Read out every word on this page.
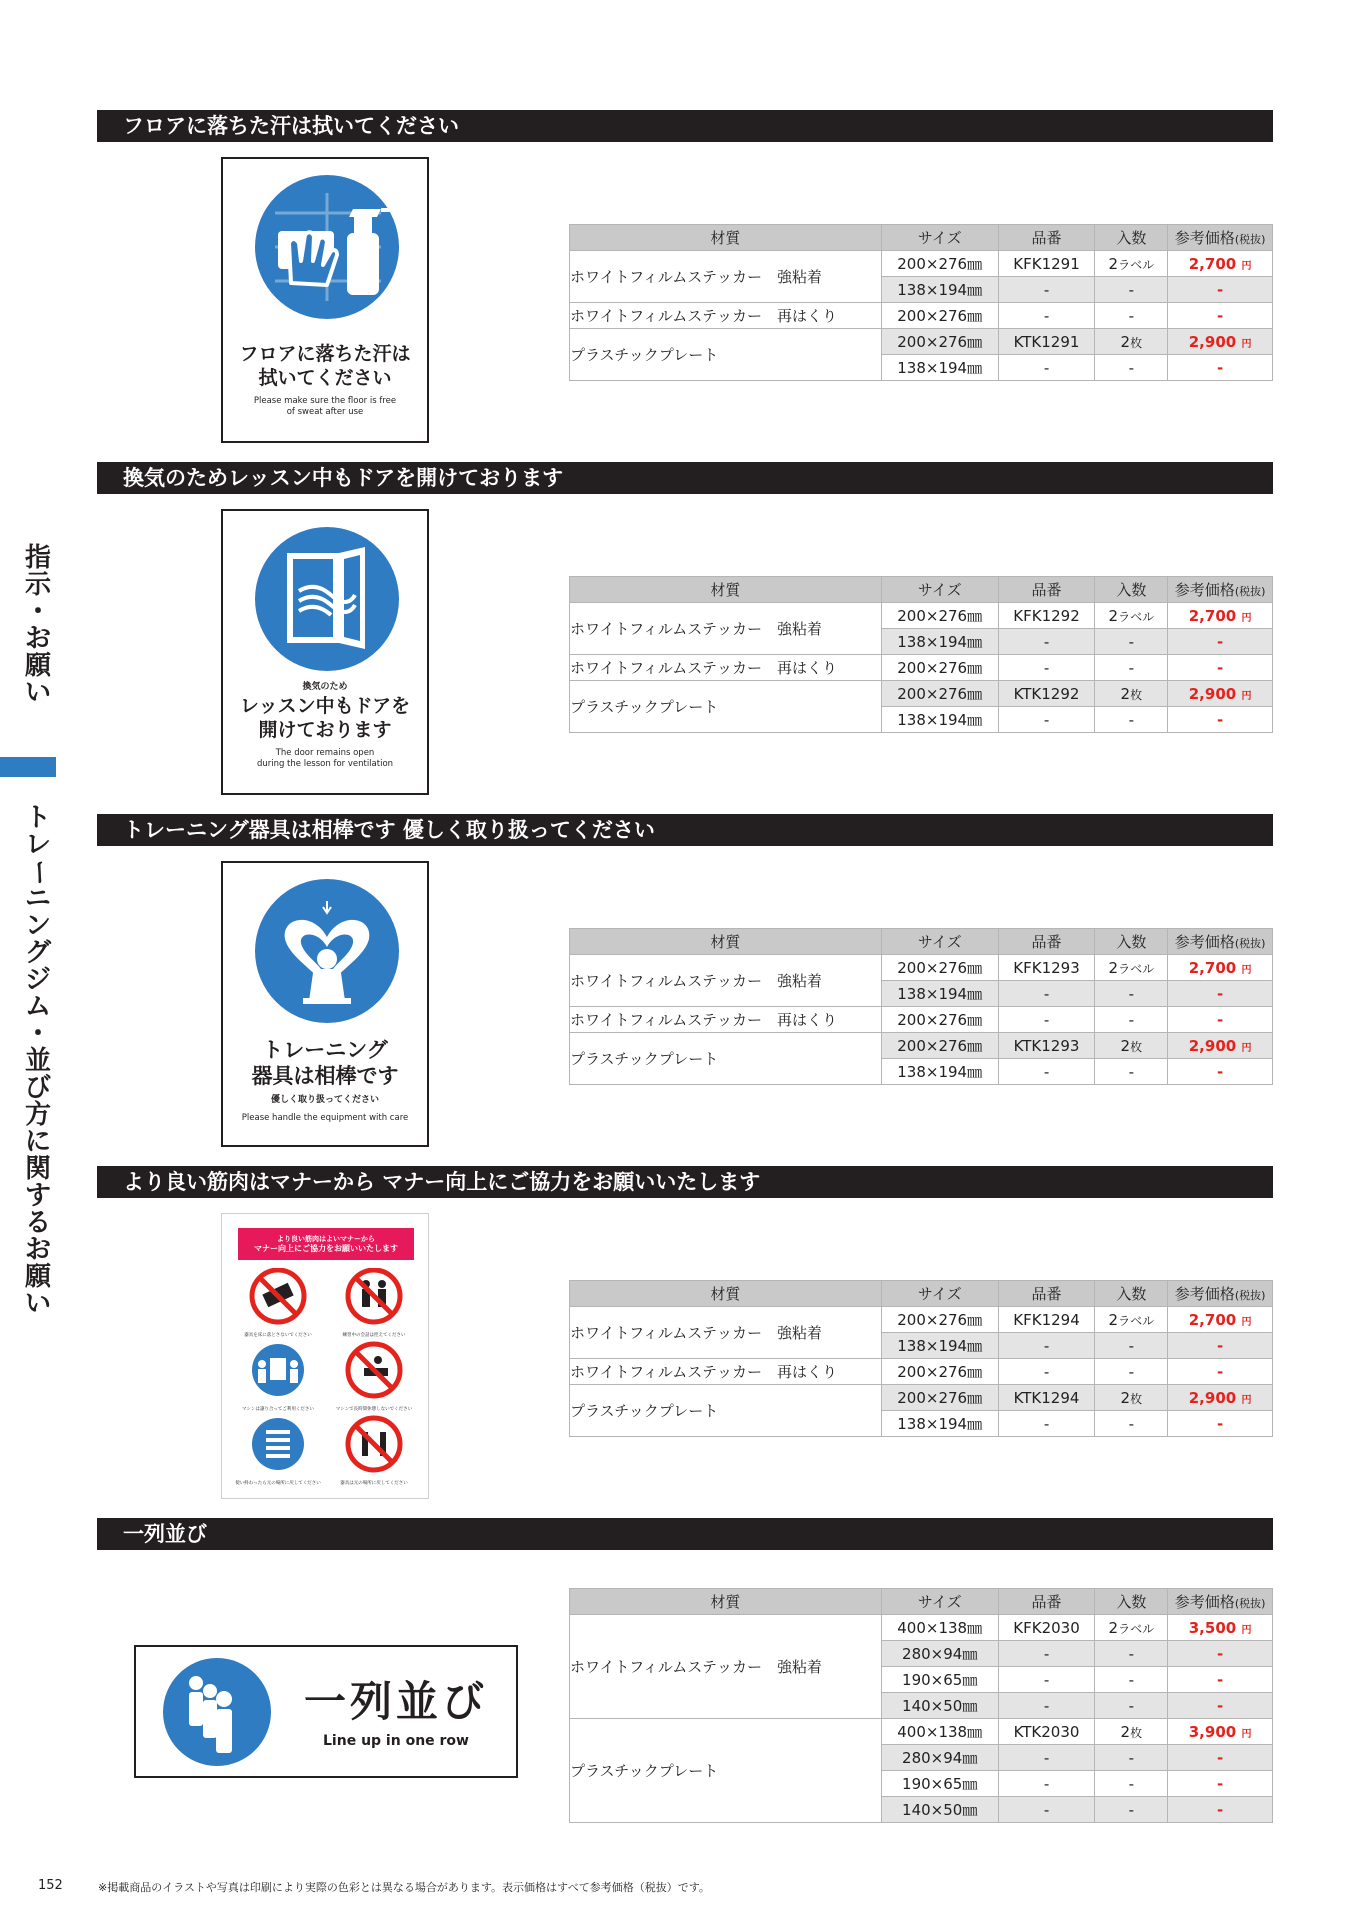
指
示
・
お
願
い
ト
レ
ー
ニ
ン
グ
ジ
ム
・
並
び
方
に
関
す
る
お
願
い
フロアに落ちた汗は拭いてください
フロアに落ちた汗は
拭いてください
Please make sure the floor is free
of sweat after use
材質	サイズ	品番	入数	参考価格(税抜)
ホワイトフィルムステッカー　強粘着	200×276㎜	KFK1291	2ラベル	2,700 円
	138×194㎜	-	-	-
ホワイトフィルムステッカー　再はくり	200×276㎜	-	-	-
プラスチックプレート	200×276㎜	KTK1291	2枚	2,900 円
	138×194㎜	-	-	-
換気のためレッスン中もドアを開けております
換気のため
レッスン中もドアを
開けております
The door remains open
during the lesson for ventilation
材質	サイズ	品番	入数	参考価格(税抜)
ホワイトフィルムステッカー　強粘着	200×276㎜	KFK1292	2ラベル	2,700 円
	138×194㎜	-	-	-
ホワイトフィルムステッカー　再はくり	200×276㎜	-	-	-
プラスチックプレート	200×276㎜	KTK1292	2枚	2,900 円
	138×194㎜	-	-	-
トレーニング器具は相棒です 優しく取り扱ってください
トレーニング
器具は相棒です
優しく取り扱ってください
Please handle the equipment with care
材質	サイズ	品番	入数	参考価格(税抜)
ホワイトフィルムステッカー　強粘着	200×276㎜	KFK1293	2ラベル	2,700 円
	138×194㎜	-	-	-
ホワイトフィルムステッカー　再はくり	200×276㎜	-	-	-
プラスチックプレート	200×276㎜	KTK1293	2枚	2,900 円
	138×194㎜	-	-	-
より良い筋肉はマナーから マナー向上にご協力をお願いいたします
より良い筋肉はよいマナーから
マナー向上にご協力をお願いいたします
器具を床に落とさないでください	練習中の会話は控えてください
マシンは譲り合ってご利用ください	マシンで長時間休憩しないでください
使い終わったら元の場所に戻してください	器具は元の場所に戻してください
材質	サイズ	品番	入数	参考価格(税抜)
ホワイトフィルムステッカー　強粘着	200×276㎜	KFK1294	2ラベル	2,700 円
	138×194㎜	-	-	-
ホワイトフィルムステッカー　再はくり	200×276㎜	-	-	-
プラスチックプレート	200×276㎜	KTK1294	2枚	2,900 円
	138×194㎜	-	-	-
一列並び
一列並び
Line up in one row
材質	サイズ	品番	入数	参考価格(税抜)
ホワイトフィルムステッカー　強粘着	400×138㎜	KFK2030	2ラベル	3,500 円
	280×94㎜	-	-	-
	190×65㎜	-	-	-
	140×50㎜	-	-	-
プラスチックプレート	400×138㎜	KTK2030	2枚	3,900 円
	280×94㎜	-	-	-
	190×65㎜	-	-	-
	140×50㎜	-	-	-
152	※掲載商品のイラストや写真は印刷により実際の色彩とは異なる場合があります。表示価格はすべて参考価格（税抜）です。
